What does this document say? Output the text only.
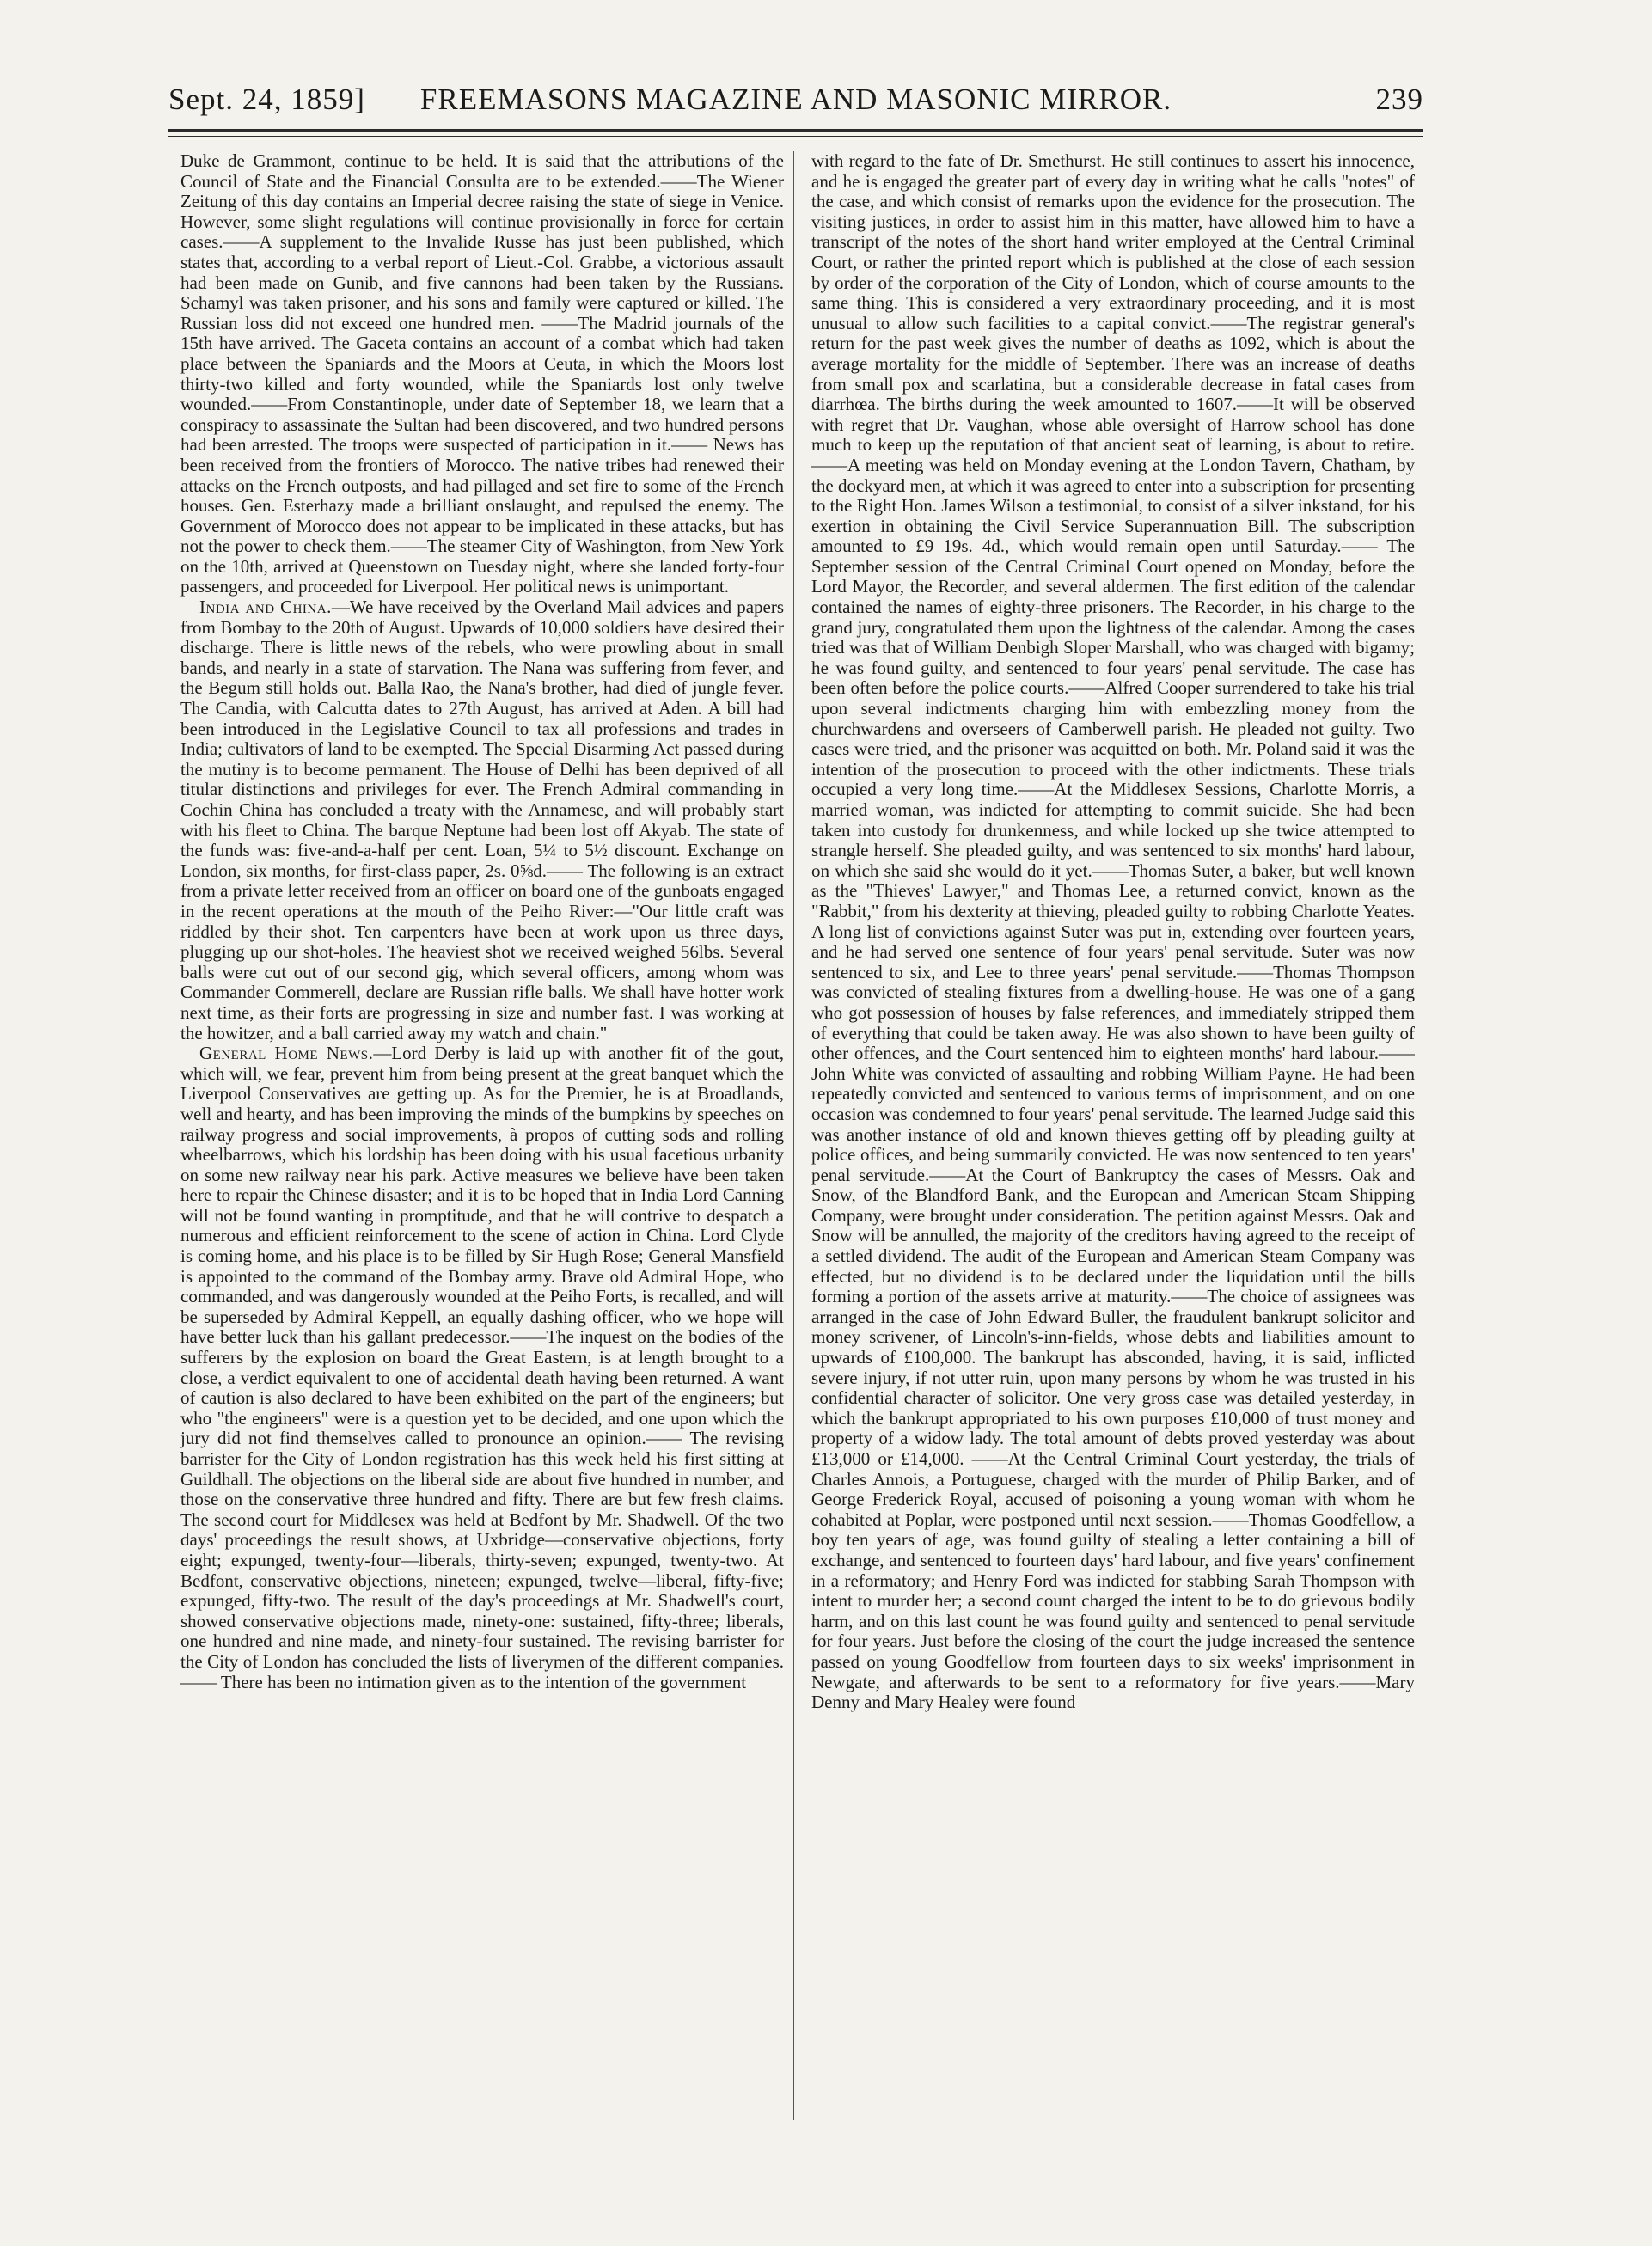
Sept. 24, 1859] FREEMASONS MAGAZINE AND MASONIC MIRROR.	239

Duke de Grammont, continue to be held. It is said that the attributions of the Council of State and the Financial Consulta are to be extended.——The Wiener Zeitung of this day contains an Imperial decree raising the state of siege in Venice. However, some slight regulations will continue provisionally in force for certain cases.——A supplement to the Invalide Russe has just been published, which states that, according to a verbal report of Lieut.-Col. Grabbe, a victorious assault had been made on Gunib, and five cannons had been taken by the Russians. Schamyl was taken prisoner, and his sons and family were captured or killed. The Russian loss did not exceed one hundred men. ——The Madrid journals of the 15th have arrived. The Gaceta contains an account of a combat which had taken place between the Spaniards and the Moors at Ceuta, in which the Moors lost thirty-two killed and forty wounded, while the Spaniards lost only twelve wounded.——From Constantinople, under date of September 18, we learn that a conspiracy to assassinate the Sultan had been discovered, and two hundred persons had been arrested. The troops were suspected of participation in it.—— News has been received from the frontiers of Morocco. The native tribes had renewed their attacks on the French outposts, and had pillaged and set fire to some of the French houses. Gen. Esterhazy made a brilliant onslaught, and repulsed the enemy. The Government of Morocco does not appear to be implicated in these attacks, but has not the power to check them.——The steamer City of Washington, from New York on the 10th, arrived at Queenstown on Tuesday night, where she landed forty-four passengers, and proceeded for Liverpool. Her political news is unimportant.

India and China.—We have received by the Overland Mail advices and papers from Bombay to the 20th of August. Upwards of 10,000 soldiers have desired their discharge. There is little news of the rebels, who were prowling about in small bands, and nearly in a state of starvation. The Nana was suffering from fever, and the Begum still holds out. Balla Rao, the Nana's brother, had died of jungle fever. The Candia, with Calcutta dates to 27th August, has arrived at Aden. A bill had been introduced in the Legislative Council to tax all professions and trades in India; cultivators of land to be exempted. The Special Disarming Act passed during the mutiny is to become permanent. The House of Delhi has been deprived of all titular distinctions and privileges for ever. The French Admiral commanding in Cochin China has concluded a treaty with the Annamese, and will probably start with his fleet to China. The barque Neptune had been lost off Akyab. The state of the funds was: five-and-a-half per cent. Loan, 5¼ to 5½ discount. Exchange on London, six months, for first-class paper, 2s. 0⅝d.—— The following is an extract from a private letter received from an officer on board one of the gunboats engaged in the recent operations at the mouth of the Peiho River:—"Our little craft was riddled by their shot. Ten carpenters have been at work upon us three days, plugging up our shot-holes. The heaviest shot we received weighed 56lbs. Several balls were cut out of our second gig, which several officers, among whom was Commander Commerell, declare are Russian rifle balls. We shall have hotter work next time, as their forts are progressing in size and number fast. I was working at the howitzer, and a ball carried away my watch and chain."

General Home News.—Lord Derby is laid up with another fit of the gout, which will, we fear, prevent him from being present at the great banquet which the Liverpool Conservatives are getting up. As for the Premier, he is at Broadlands, well and hearty, and has been improving the minds of the bumpkins by speeches on railway progress and social improvements, à propos of cutting sods and rolling wheelbarrows, which his lordship has been doing with his usual facetious urbanity on some new railway near his park. Active measures we believe have been taken here to repair the Chinese disaster; and it is to be hoped that in India Lord Canning will not be found wanting in promptitude, and that he will contrive to despatch a numerous and efficient reinforcement to the scene of action in China. Lord Clyde is coming home, and his place is to be filled by Sir Hugh Rose; General Mansfield is appointed to the command of the Bombay army. Brave old Admiral Hope, who commanded, and was dangerously wounded at the Peiho Forts, is recalled, and will be superseded by Admiral Keppell, an equally dashing officer, who we hope will have better luck than his gallant predecessor.——The inquest on the bodies of the sufferers by the explosion on board the Great Eastern, is at length brought to a close, a verdict equivalent to one of accidental death having been returned. A want of caution is also declared to have been exhibited on the part of the engineers; but who "the engineers" were is a question yet to be decided, and one upon which the jury did not find themselves called to pronounce an opinion.—— The revising barrister for the City of London registration has this week held his first sitting at Guildhall. The objections on the liberal side are about five hundred in number, and those on the conservative three hundred and fifty. There are but few fresh claims. The second court for Middlesex was held at Bedfont by Mr. Shadwell. Of the two days' proceedings the result shows, at Uxbridge—conservative objections, forty eight; expunged, twenty-four—liberals, thirty-seven; expunged, twenty-two. At Bedfont, conservative objections, nineteen; expunged, twelve—liberal, fifty-five; expunged, fifty-two. The result of the day's proceedings at Mr. Shadwell's court, showed conservative objections made, ninety-one: sustained, fifty-three; liberals, one hundred and nine made, and ninety-four sustained. The revising barrister for the City of London has concluded the lists of liverymen of the different companies.—— There has been no intimation given as to the intention of the government

with regard to the fate of Dr. Smethurst. He still continues to assert his innocence, and he is engaged the greater part of every day in writing what he calls "notes" of the case, and which consist of remarks upon the evidence for the prosecution. The visiting justices, in order to assist him in this matter, have allowed him to have a transcript of the notes of the short hand writer employed at the Central Criminal Court, or rather the printed report which is published at the close of each session by order of the corporation of the City of London, which of course amounts to the same thing. This is considered a very extraordinary proceeding, and it is most unusual to allow such facilities to a capital convict.——The registrar general's return for the past week gives the number of deaths as 1092, which is about the average mortality for the middle of September. There was an increase of deaths from small pox and scarlatina, but a considerable decrease in fatal cases from diarrhœa. The births during the week amounted to 1607.——It will be observed with regret that Dr. Vaughan, whose able oversight of Harrow school has done much to keep up the reputation of that ancient seat of learning, is about to retire.——A meeting was held on Monday evening at the London Tavern, Chatham, by the dockyard men, at which it was agreed to enter into a subscription for presenting to the Right Hon. James Wilson a testimonial, to consist of a silver inkstand, for his exertion in obtaining the Civil Service Superannuation Bill. The subscription amounted to £9 19s. 4d., which would remain open until Saturday.—— The September session of the Central Criminal Court opened on Monday, before the Lord Mayor, the Recorder, and several aldermen. The first edition of the calendar contained the names of eighty-three prisoners. The Recorder, in his charge to the grand jury, congratulated them upon the lightness of the calendar. Among the cases tried was that of William Denbigh Sloper Marshall, who was charged with bigamy; he was found guilty, and sentenced to four years' penal servitude. The case has been often before the police courts.——Alfred Cooper surrendered to take his trial upon several indictments charging him with embezzling money from the churchwardens and overseers of Camberwell parish. He pleaded not guilty. Two cases were tried, and the prisoner was acquitted on both. Mr. Poland said it was the intention of the prosecution to proceed with the other indictments. These trials occupied a very long time.——At the Middlesex Sessions, Charlotte Morris, a married woman, was indicted for attempting to commit suicide. She had been taken into custody for drunkenness, and while locked up she twice attempted to strangle herself. She pleaded guilty, and was sentenced to six months' hard labour, on which she said she would do it yet.——Thomas Suter, a baker, but well known as the "Thieves' Lawyer," and Thomas Lee, a returned convict, known as the "Rabbit," from his dexterity at thieving, pleaded guilty to robbing Charlotte Yeates. A long list of convictions against Suter was put in, extending over fourteen years, and he had served one sentence of four years' penal servitude. Suter was now sentenced to six, and Lee to three years' penal servitude.——Thomas Thompson was convicted of stealing fixtures from a dwelling-house. He was one of a gang who got possession of houses by false references, and immediately stripped them of everything that could be taken away. He was also shown to have been guilty of other offences, and the Court sentenced him to eighteen months' hard labour.——John White was convicted of assaulting and robbing William Payne. He had been repeatedly convicted and sentenced to various terms of imprisonment, and on one occasion was condemned to four years' penal servitude. The learned Judge said this was another instance of old and known thieves getting off by pleading guilty at police offices, and being summarily convicted. He was now sentenced to ten years' penal servitude.——At the Court of Bankruptcy the cases of Messrs. Oak and Snow, of the Blandford Bank, and the European and American Steam Shipping Company, were brought under consideration. The petition against Messrs. Oak and Snow will be annulled, the majority of the creditors having agreed to the receipt of a settled dividend. The audit of the European and American Steam Company was effected, but no dividend is to be declared under the liquidation until the bills forming a portion of the assets arrive at maturity.——The choice of assignees was arranged in the case of John Edward Buller, the fraudulent bankrupt solicitor and money scrivener, of Lincoln's-inn-fields, whose debts and liabilities amount to upwards of £100,000. The bankrupt has absconded, having, it is said, inflicted severe injury, if not utter ruin, upon many persons by whom he was trusted in his confidential character of solicitor. One very gross case was detailed yesterday, in which the bankrupt appropriated to his own purposes £10,000 of trust money and property of a widow lady. The total amount of debts proved yesterday was about £13,000 or £14,000. ——At the Central Criminal Court yesterday, the trials of Charles Annois, a Portuguese, charged with the murder of Philip Barker, and of George Frederick Royal, accused of poisoning a young woman with whom he cohabited at Poplar, were postponed until next session.——Thomas Goodfellow, a boy ten years of age, was found guilty of stealing a letter containing a bill of exchange, and sentenced to fourteen days' hard labour, and five years' confinement in a reformatory; and Henry Ford was indicted for stabbing Sarah Thompson with intent to murder her; a second count charged the intent to be to do grievous bodily harm, and on this last count he was found guilty and sentenced to penal servitude for four years. Just before the closing of the court the judge increased the sentence passed on young Goodfellow from fourteen days to six weeks' imprisonment in Newgate, and afterwards to be sent to a reformatory for five years.——Mary Denny and Mary Healey were found
